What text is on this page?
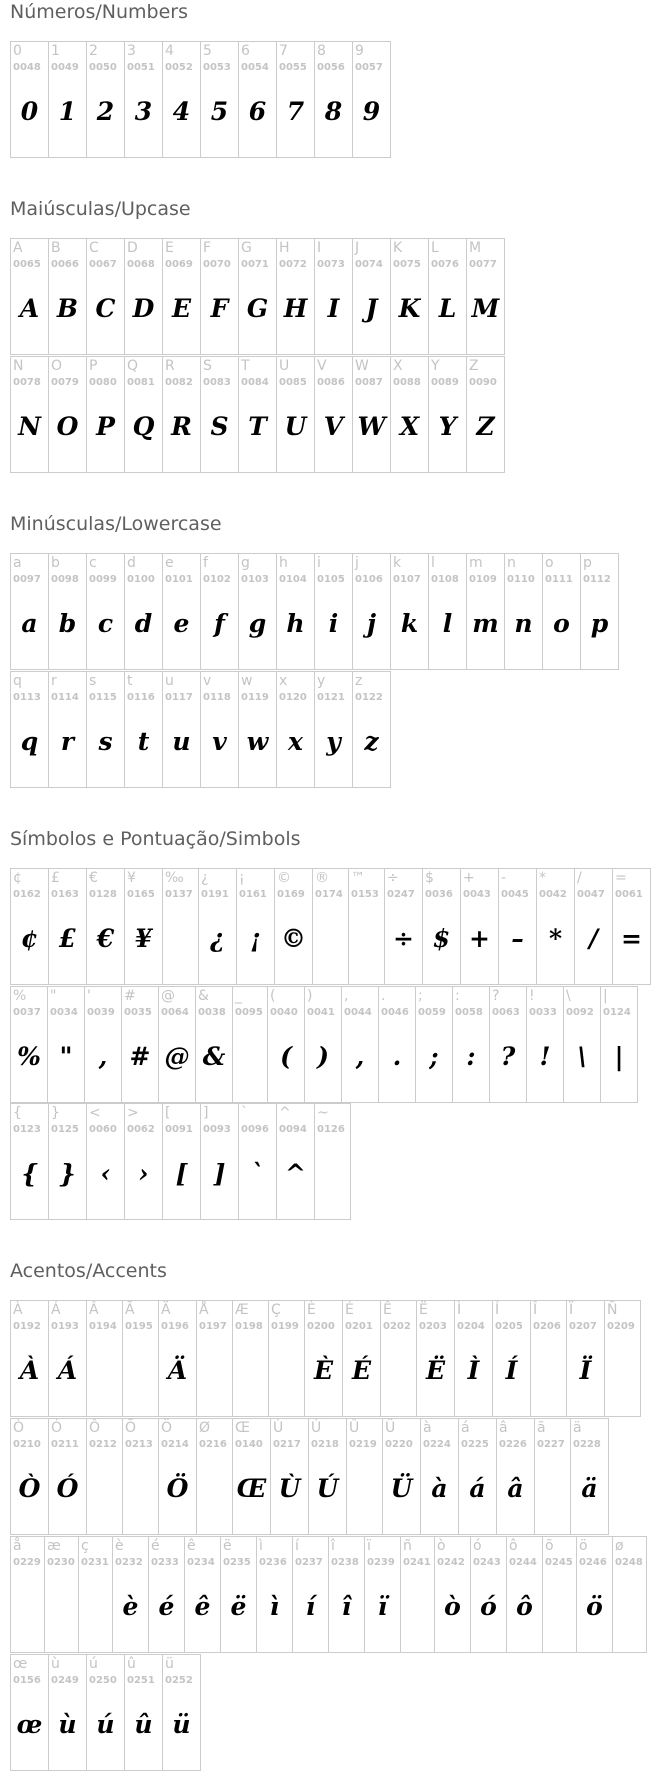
Números/Numbers
0
0048
0
1
0049
1
2
0050
2
3
0051
3
4
0052
4
5
0053
5
6
0054
6
7
0055
7
8
0056
8
9
0057
9
Maiúsculas/Upcase
A
0065
A
B
0066
B
C
0067
C
D
0068
D
E
0069
E
F
0070
F
G
0071
G
H
0072
H
I
0073
I
J
0074
J
K
0075
K
L
0076
L
M
0077
M
N
0078
N
O
0079
O
P
0080
P
Q
0081
Q
R
0082
R
S
0083
S
T
0084
T
U
0085
U
V
0086
V
W
0087
W
X
0088
X
Y
0089
Y
Z
0090
Z
Minúsculas/Lowercase
a
0097
a
b
0098
b
c
0099
c
d
0100
d
e
0101
e
f
0102
f
g
0103
g
h
0104
h
i
0105
i
j
0106
j
k
0107
k
l
0108
l
m
0109
m
n
0110
n
o
0111
o
p
0112
p
q
0113
q
r
0114
r
s
0115
s
t
0116
t
u
0117
u
v
0118
v
w
0119
w
x
0120
x
y
0121
y
z
0122
z
Símbolos e Pontuação/Simbols
¢
0162
¢
£
0163
£
€
0128
€
¥
0165
¥
‰
0137
¿
0191
¿
¡
0161
¡
©
0169
©
®
0174
™
0153
÷
0247
÷
$
0036
$
+
0043
+
-
0045
–
*
0042
*
/
0047
/
=
0061
=
%
0037
%
"
0034
"
'
0039
,
#
0035
#
@
0064
@
&
0038
&
_
0095
(
0040
(
)
0041
)
,
0044
,
.
0046
.
;
0059
;
:
0058
:
?
0063
?
!
0033
!
\
0092
\
|
0124
|
{
0123
{
}
0125
}
<
0060
‹
>
0062
›
[
0091
[
]
0093
]
`
0096
`
^
0094
^
~
0126
Acentos/Accents
À
0192
À
Á
0193
Á
Â
0194
Ã
0195
Ä
0196
Ä
Å
0197
Æ
0198
Ç
0199
È
0200
È
É
0201
É
Ê
0202
Ë
0203
Ë
Ì
0204
Ì
Í
0205
Í
Î
0206
Ï
0207
Ï
Ñ
0209
Ò
0210
Ò
Ó
0211
Ó
Ô
0212
Õ
0213
Ö
0214
Ö
Ø
0216
Œ
0140
Œ
Ù
0217
Ù
Ú
0218
Ú
Û
0219
Ü
0220
Ü
à
0224
à
á
0225
á
â
0226
â
ã
0227
ä
0228
ä
å
0229
æ
0230
ç
0231
è
0232
è
é
0233
é
ê
0234
ê
ë
0235
ë
ì
0236
ì
í
0237
í
î
0238
î
ï
0239
ï
ñ
0241
ò
0242
ò
ó
0243
ó
ô
0244
ô
õ
0245
ö
0246
ö
ø
0248
œ
0156
œ
ù
0249
ù
ú
0250
ú
û
0251
û
ü
0252
ü
